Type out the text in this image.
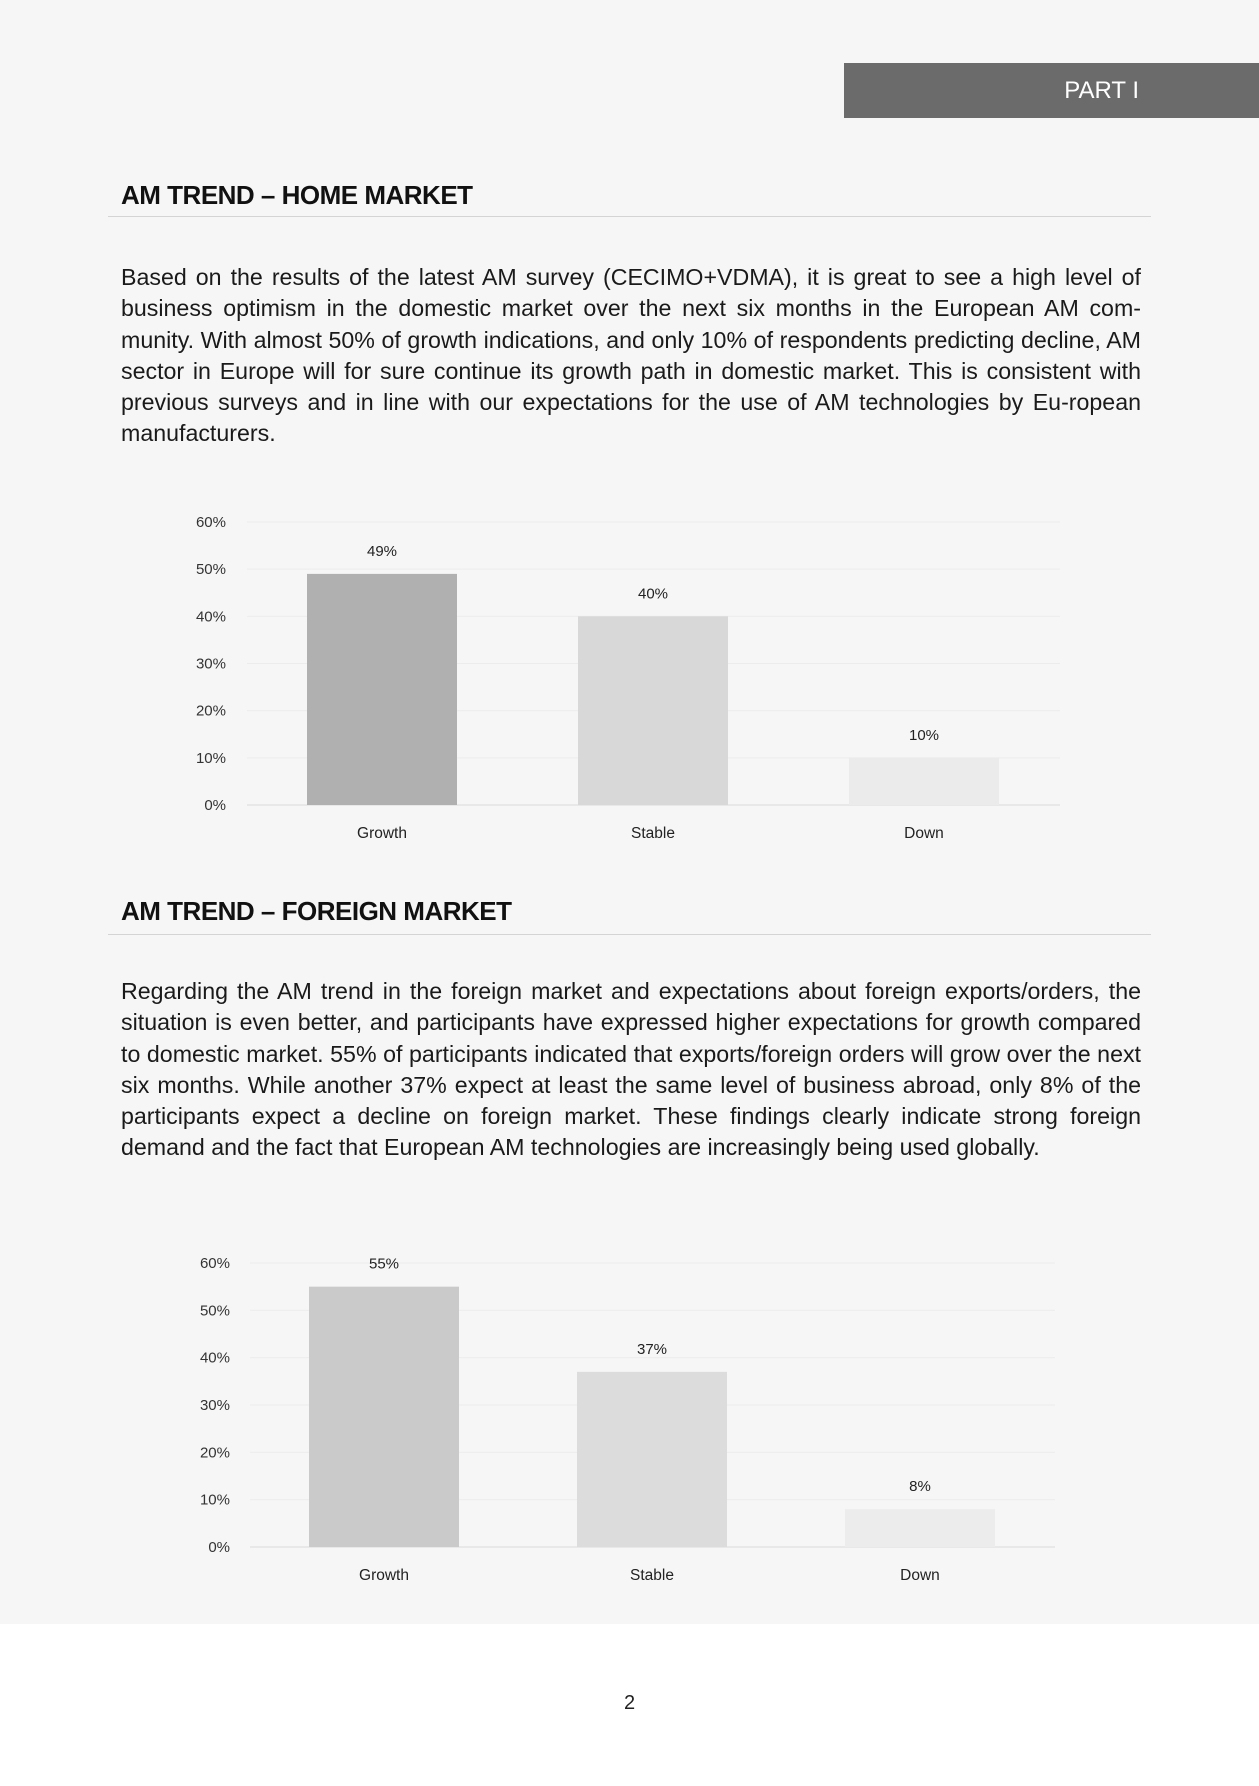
PART I
AM TREND – HOME MARKET

Based on the results of the latest AM survey (CECIMO+VDMA), it is great to see a high level of business optimism in the domestic market over the next six months in the European AM com-munity. With almost 50% of growth indications, and only 10% of respondents predicting decline, AM sector in Europe will for sure continue its growth path in domestic market. This is consistent with previous surveys and in line with our expectations for the use of AM technologies by Eu-ropean manufacturers.

0%
10%
20%
30%
40%
50%
60%
49%
Growth
40%
Stable
10%
Down
AM TREND – FOREIGN MARKET

Regarding the AM trend in the foreign market and expectations about foreign exports/orders, the situation is even better, and participants have expressed higher expectations for growth compared to domestic market. 55% of participants indicated that exports/foreign orders will grow over the next six months. While another 37% expect at least the same level of business abroad, only 8% of the participants expect a decline on foreign market. These findings clearly indicate strong foreign demand and the fact that European AM technologies are increasingly being used globally.

0%
10%
20%
30%
40%
50%
60%	55%
Growth
37%
Stable
8%
Down
2
